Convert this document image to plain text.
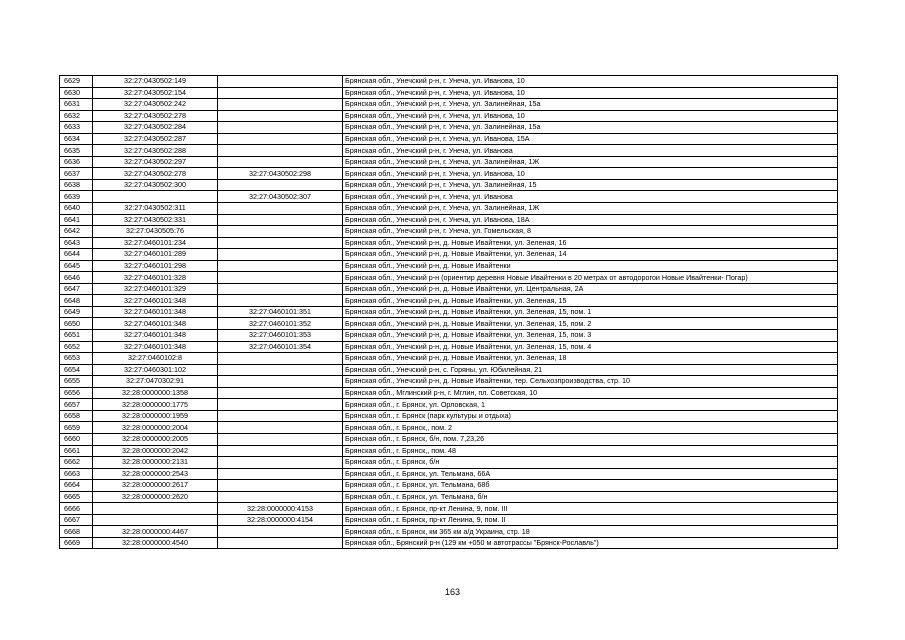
6629	32:27:0430502:149		Брянская обл., Унечский р-н, г. Унеча, ул. Иванова, 10
6630	32:27:0430502:154		Брянская обл., Унечский р-н, г. Унеча, ул. Иванова, 10
6631	32:27:0430502:242		Брянская обл., Унечский р-н, г. Унеча, ул. Залинейная, 15а
6632	32:27:0430502:278		Брянская обл., Унечский р-н, г. Унеча, ул. Иванова, 10
6633	32:27:0430502:284		Брянская обл., Унечский р-н, г. Унеча, ул. Залинейная, 15а
6634	32:27:0430502:287		Брянская обл., Унечский р-н, г. Унеча, ул. Иванова, 15А
6635	32:27:0430502:288		Брянская обл., Унечский р-н, г. Унеча, ул. Иванова
6636	32:27:0430502:297		Брянская обл., Унечский р-н, г. Унеча, ул. Залинейная, 1Ж
6637	32:27:0430502:278	32:27:0430502:298	Брянская обл., Унечский р-н, г. Унеча, ул. Иванова, 10
6638	32:27:0430502:300		Брянская обл., Унечский р-н, г. Унеча, ул. Залинейная, 15
6639		32:27:0430502:307	Брянская обл., Унечский р-н, г. Унеча, ул. Иванова
6640	32:27:0430502:311		Брянская обл., Унечский р-н, г. Унеча, ул. Залинейная, 1Ж
6641	32:27:0430502:331		Брянская обл., Унечский р-н, г. Унеча, ул. Иванова, 18А
6642	32:27:0430505:76		Брянская обл., Унечский р-н, г. Унеча, ул. Гомельская, 8
6643	32:27:0460101:234		Брянская обл., Унечский р-н, д. Новые Ивайтенки, ул. Зеленая, 16
6644	32:27:0460101:289		Брянская обл., Унечский р-н, д. Новые Ивайтенки, ул. Зеленая, 14
6645	32:27:0460101:298		Брянская обл., Унечский р-н, д. Новые Ивайтенки
6646	32:27:0460101:328		Брянская обл., Унечский р-н (ориентир деревня Новые Ивайтенки в 20 метрах от автодорогои Новые Ивайтенки- Погар)
6647	32:27:0460101:329		Брянская обл., Унечский р-н, д. Новые Ивайтенки, ул. Центральная, 2А
6648	32:27:0460101:348		Брянская обл., Унечский р-н, д. Новые Ивайтенки, ул. Зеленая, 15
6649	32:27:0460101:348	32:27:0460101:351	Брянская обл., Унечский р-н, д. Новые Ивайтенки, ул. Зеленая, 15, пом. 1
6650	32:27:0460101:348	32:27:0460101:352	Брянская обл., Унечский р-н, д. Новые Ивайтенки, ул. Зеленая, 15, пом. 2
6651	32:27:0460101:348	32:27:0460101:353	Брянская обл., Унечский р-н, д. Новые Ивайтенки, ул. Зеленая, 15, пом. 3
6652	32:27:0460101:348	32:27:0460101:354	Брянская обл., Унечский р-н, д. Новые Ивайтенки, ул. Зеленая, 15, пом. 4
6653	32:27:0460102:8		Брянская обл., Унечский р-н, д. Новые Ивайтенки, ул. Зеленая, 18
6654	32:27:0460301:102		Брянская обл., Унечский р-н, с. Горяны, ул. Юбилейная, 21
6655	32:27:0470302:91		Брянская обл., Унечский р-н, д. Новые Ивайтенки, тер. Сельхозпроизводства, стр. 10
6656	32:28:0000000:1358		Брянская обл., Мглинский р-н, г. Мглин, пл. Советская, 10
6657	32:28:0000000:1775		Брянская обл., г. Брянск, ул. Орловская, 1
6658	32:28:0000000:1959		Брянская обл., г. Брянск (парк культуры и отдыха)
6659	32:28:0000000:2004		Брянская обл., г. Брянск,, пом. 2
6660	32:28:0000000:2005		Брянская обл., г. Брянск, б/н, пом. 7,23,26
6661	32:28:0000000:2042		Брянская обл., г. Брянск,, пом. 48
6662	32:28:0000000:2131		Брянская обл., г. Брянск, б/н
6663	32:28:0000000:2543		Брянская обл., г. Брянск, ул. Тельмана, 66А
6664	32:28:0000000:2617		Брянская обл., г. Брянск, ул. Тельмана, 68б
6665	32:28:0000000:2620		Брянская обл., г. Брянск, ул. Тельмана, б/н
6666		32:28:0000000:4153	Брянская обл., г. Брянск, пр-кт Ленина, 9, пом. III
6667		32:28:0000000:4154	Брянская обл., г. Брянск, пр-кт Ленина, 9, пом. II
6668	32:28:0000000:4467		Брянская обл., г. Брянск, км 365 км а/д Украина, стр. 18
6669	32:28:0000000:4540		Брянская обл., Брянский р-н (129 км +050 м автотрассы "Брянск-Рославль")
163
